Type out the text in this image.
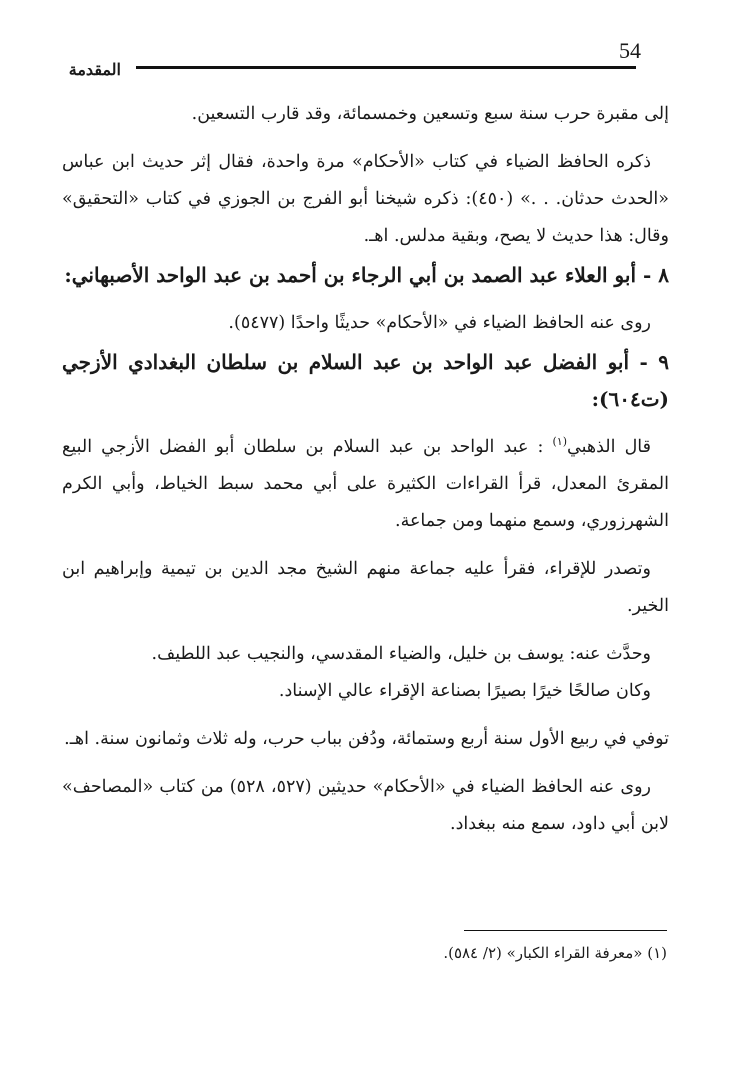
54
المقدمة

إلى مقبرة حرب سنة سبع وتسعين وخمسمائة، وقد قارب التسعين.

ذكره الحافظ الضياء في كتاب «الأحكام» مرة واحدة، فقال إثر حديث ابن عباس «الحدث حدثان. . .» (٤٥٠): ذكره شيخنا أبو الفرج بن الجوزي في كتاب «التحقيق» وقال: هذا حديث لا يصح، وبقية مدلس. اهـ.

٨ - أبو العلاء عبد الصمد بن أبي الرجاء بن أحمد بن عبد الواحد الأصبهاني:

روى عنه الحافظ الضياء في «الأحكام» حديثًا واحدًا (٥٤٧٧).

٩ - أبو الفضل عبد الواحد بن عبد السلام بن سلطان البغدادي الأزجي (ت٦٠٤):

قال الذهبي$^{(١)}$ : عبد الواحد بن عبد السلام بن سلطان أبو الفضل الأزجي البيع المقرئ المعدل، قرأ القراءات الكثيرة على أبي محمد سبط الخياط، وأبي الكرم الشهرزوري، وسمع منهما ومن جماعة.

وتصدر للإقراء، فقرأ عليه جماعة منهم الشيخ مجد الدين بن تيمية وإبراهيم ابن الخير.

وحدَّث عنه: يوسف بن خليل، والضياء المقدسي، والنجيب عبد اللطيف.

وكان صالحًا خيرًا بصيرًا بصناعة الإقراء عالي الإسناد.

توفي في ربيع الأول سنة أربع وستمائة، ودُفن بباب حرب، وله ثلاث وثمانون سنة. اهـ.

روى عنه الحافظ الضياء في «الأحكام» حديثين (٥٢٧، ٥٢٨) من كتاب «المصاحف» لابن أبي داود، سمع منه ببغداد.

(١) «معرفة القراء الكبار» (٢/ ٥٨٤).
